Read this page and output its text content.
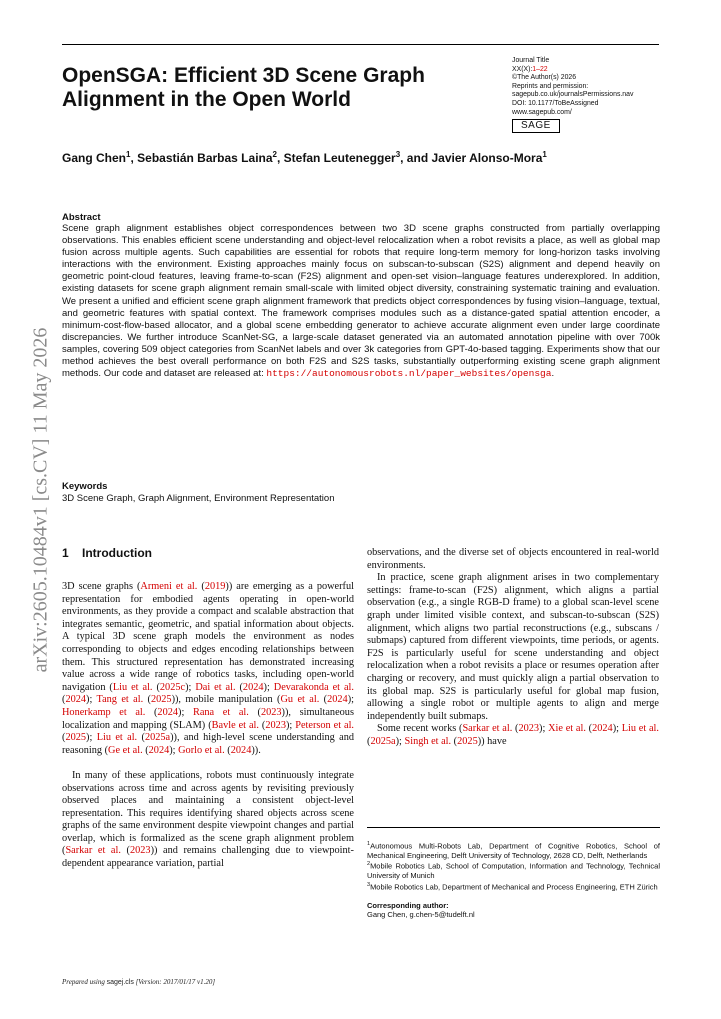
OpenSGA: Efficient 3D Scene Graph Alignment in the Open World
Journal Title
XX(X):1–22
©The Author(s) 2026
Reprints and permission:
sagepub.co.uk/journalsPermissions.nav
DOI: 10.1177/ToBeAssigned
www.sagepub.com/
SAGE
Gang Chen$^1$, Sebastián Barbas Laina$^2$, Stefan Leutenegger$^3$, and Javier Alonso-Mora$^1$
arXiv:2605.10484v1 [cs.CV] 11 May 2026
Abstract
Scene graph alignment establishes object correspondences between two 3D scene graphs constructed from partially overlapping observations. This enables efficient scene understanding and object-level relocalization when a robot revisits a place, as well as global map fusion across multiple agents. Such capabilities are essential for robots that require long-term memory for long-horizon tasks involving interactions with the environment. Existing approaches mainly focus on subscan-to-subscan (S2S) alignment and depend heavily on geometric point-cloud features, leaving frame-to-scan (F2S) alignment and open-set vision–language features underexplored. In addition, existing datasets for scene graph alignment remain small-scale with limited object diversity, constraining systematic training and evaluation. We present a unified and efficient scene graph alignment framework that predicts object correspondences by fusing vision–language, textual, and geometric features with spatial context. The framework comprises modules such as a distance-gated spatial attention encoder, a minimum-cost-flow-based allocator, and a global scene embedding generator to achieve accurate alignment even under large coordinate discrepancies. We further introduce ScanNet-SG, a large-scale dataset generated via an automated annotation pipeline with over 700k samples, covering 509 object categories from ScanNet labels and over 3k categories from GPT-4o-based tagging. Experiments show that our method achieves the best overall performance on both F2S and S2S tasks, substantially outperforming existing scene graph alignment methods. Our code and dataset are released at: https://autonomousrobots.nl/paper_websites/opensga.
Keywords
3D Scene Graph, Graph Alignment, Environment Representation
1 Introduction

3D scene graphs (Armeni et al. (2019)) are emerging as a powerful representation for embodied agents operating in open-world environments, as they provide a compact and scalable abstraction that integrates semantic, geometric, and spatial information about objects. A typical 3D scene graph models the environment as nodes corresponding to objects and edges encoding relationships between them. This structured representation has demonstrated increasing value across a wide range of robotics tasks, including open-world navigation (Liu et al. (2025c); Dai et al. (2024); Devarakonda et al. (2024); Tang et al. (2025)), mobile manipulation (Gu et al. (2024); Honerkamp et al. (2024); Rana et al. (2023)), simultaneous localization and mapping (SLAM) (Bavle et al. (2023); Peterson et al. (2025); Liu et al. (2025a)), and high-level scene understanding and reasoning (Ge et al. (2024); Gorlo et al. (2024)).

In many of these applications, robots must continuously integrate observations across time and across agents by revisiting previously observed places and maintaining a consistent object-level representation. This requires identifying shared objects across scene graphs of the same environment despite viewpoint changes and partial overlap, which is formalized as the scene graph alignment problem (Sarkar et al. (2023)) and remains challenging due to viewpoint-dependent appearance variation, partial

observations, and the diverse set of objects encountered in real-world environments.

In practice, scene graph alignment arises in two complementary settings: frame-to-scan (F2S) alignment, which aligns a partial observation (e.g., a single RGB-D frame) to a global scan-level scene graph under limited visible context, and subscan-to-subscan (S2S) alignment, which aligns two partial reconstructions (e.g., subscans / submaps) captured from different viewpoints, time periods, or agents. F2S is particularly useful for scene understanding and object relocalization when a robot revisits a place or resumes operation after charging or recovery, and must quickly align a partial observation to its global map. S2S is particularly useful for global map fusion, allowing a single robot or multiple agents to align and merge independently built submaps.

Some recent works (Sarkar et al. (2023); Xie et al. (2024); Liu et al. (2025a); Singh et al. (2025)) have

$^1$Autonomous Multi-Robots Lab, Department of Cognitive Robotics, School of Mechanical Engineering, Delft University of Technology, 2628 CD, Delft, Netherlands
$^2$Mobile Robotics Lab, School of Computation, Information and Technology, Technical University of Munich
$^3$Mobile Robotics Lab, Department of Mechanical and Process Engineering, ETH Zürich
Corresponding author:
Gang Chen, g.chen-5@tudelft.nl
Prepared using sagej.cls [Version: 2017/01/17 v1.20]
